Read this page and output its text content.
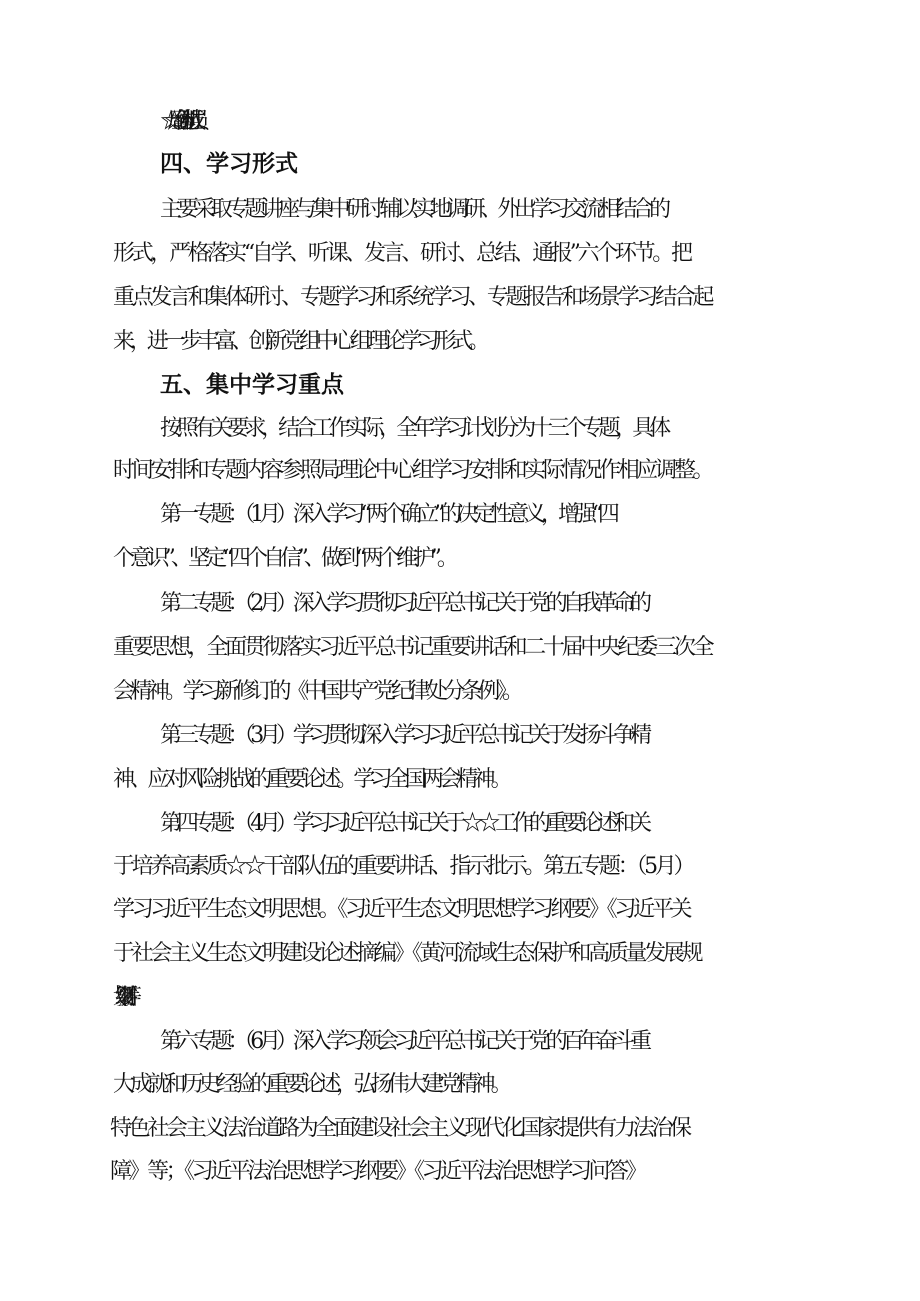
☆☆局全体党组成员
四、学习形式
主要采取专题讲座与集中研讨辅以实地调研、外出学习交流相结合的
形式，严格落实“自学、听课、发言、研讨、总结、通报”六个环节。把
重点发言和集体研讨、专题学习和系统学习、专题报告和场景学习结合起
来，进一步丰富、创新党组中心组理论学习形式。
五、集中学习重点
按照有关要求，结合工作实际，全年学习计划分为十三个专题，具体
时间安排和专题内容参照局理论中心组学习安排和实际情况作相应调整。
第一专题：（1月）深入学习“两个确立”的决定性意义，增强“四
个意识”、坚定“四个自信”、做到“两个维护”。
第二专题：（2月）深入学习贯彻习近平总书记关于党的自我革命的
重要思想，全面贯彻落实习近平总书记重要讲话和二十届中央纪委三次全
会精神。学习新修订的《中国共产党纪律处分条例》。
第三专题：（3月）学习贯彻深入学习习近平总书记关于发扬斗争精
神、应对风险挑战的重要论述。学习全国两会精神。
第四专题：（4月）学习习近平总书记关于☆☆工作的重要论述和关
于培养高素质☆☆干部队伍的重要讲话、指示批示。第五专题：（5月）
学习习近平生态文明思想。《习近平生态文明思想学习纲要》《习近平关
于社会主义生态文明建设论述摘编》《黄河流域生态保护和高质量发展规
划纲要》等。
第六专题：（6月）深入学习领会习近平总书记关于党的百年奋斗重
大成就和历史经验的重要论述，弘扬伟大建党精神。
特色社会主义法治道路为全面建设社会主义现代化国家提供有力法治保
障》等；《习近平法治思想学习纲要》《习近平法治思想学习问答》
